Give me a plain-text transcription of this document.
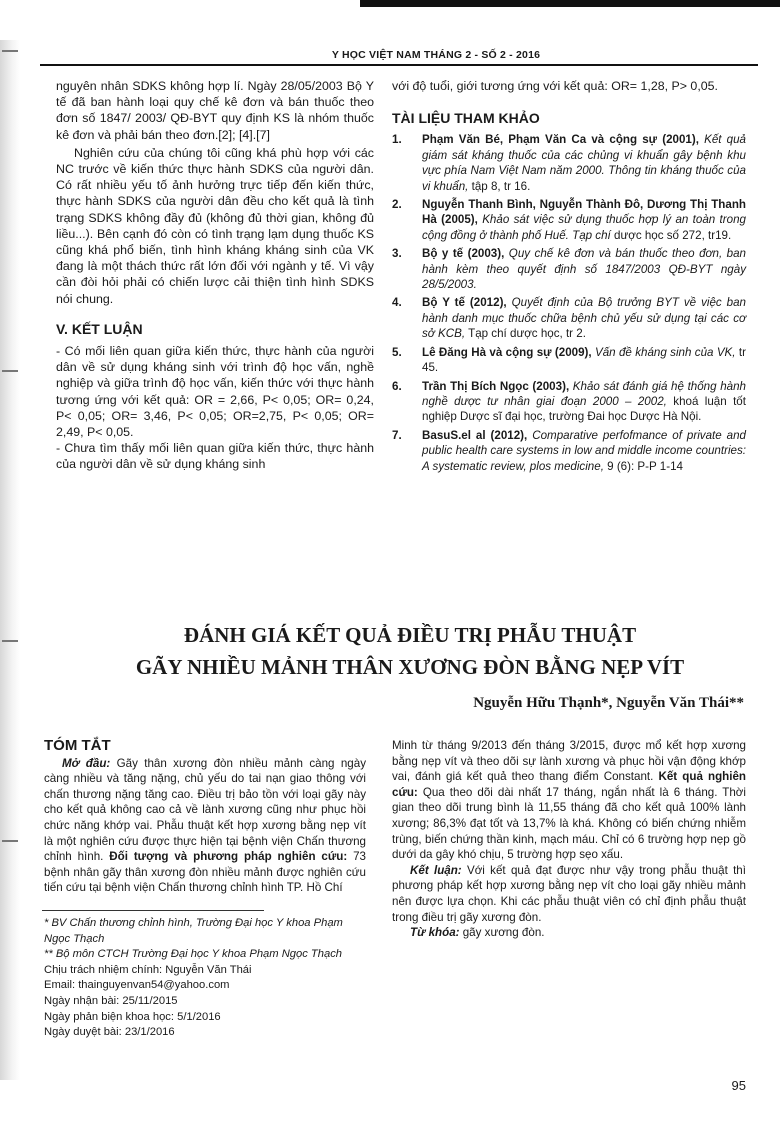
Y HỌC VIỆT NAM THÁNG 2 - SỐ 2 - 2016

nguyên nhân SDKS không hợp lí. Ngày 28/05/2003 Bộ Y tế đã ban hành loại quy chế kê đơn và bán thuốc theo đơn số 1847/ 2003/ QĐ-BYT quy định KS là nhóm thuốc kê đơn và phải bán theo đơn.[2]; [4].[7]

Nghiên cứu của chúng tôi cũng khá phù hợp với các NC trước về kiến thức thực hành SDKS của người dân. Có rất nhiều yếu tố ảnh hưởng trực tiếp đến kiến thức, thực hành SDKS của người dân đều cho kết quả là tình trạng SDKS không đầy đủ (không đủ thời gian, không đủ liều...). Bên cạnh đó còn có tình trạng lạm dụng thuốc KS cũng khá phổ biến, tình hình kháng kháng sinh của VK đang là một thách thức rất lớn đối với ngành y tế. Vì vậy cần đòi hỏi phải có chiến lược cải thiện tình hình SDKS nói chung.

V. KẾT LUẬN

- Có mối liên quan giữa kiến thức, thực hành của người dân về sử dụng kháng sinh với trình độ học vấn, nghề nghiệp và giữa trình độ học vấn, kiến thức với thực hành tương ứng với kết quả: OR = 2,66, P< 0,05; OR= 0,24, P< 0,05; OR= 3,46, P< 0,05; OR=2,75, P< 0,05; OR= 2,49, P< 0,05.

- Chưa tìm thấy mối liên quan giữa kiến thức, thực hành của người dân về sử dụng kháng sinh

với độ tuổi, giới tương ứng với kết quả: OR= 1,28, P> 0,05.

TÀI LIỆU THAM KHẢO
1. Phạm Văn Bé, Phạm Văn Ca và cộng sự (2001), Kết quả giám sát kháng thuốc của các chủng vi khuẩn gây bệnh khu vực phía Nam Việt Nam năm 2000. Thông tin kháng thuốc của vi khuẩn, tập 8, tr 16.
2. Nguyễn Thanh Bình, Nguyễn Thành Đô, Dương Thị Thanh Hà (2005), Khảo sát việc sử dụng thuốc hợp lý an toàn trong cộng đồng ở thành phố Huế. Tạp chí dược học số 272, tr19.
3. Bộ y tế (2003), Quy chế kê đơn và bán thuốc theo đơn, ban hành kèm theo quyết định số 1847/2003 QĐ-BYT ngày 28/5/2003.
4. Bộ Y tế (2012), Quyết định của Bộ trưởng BYT về việc ban hành danh mục thuốc chữa bệnh chủ yếu sử dụng tại các cơ sở KCB, Tạp chí dược học, tr 2.
5. Lê Đăng Hà và cộng sự (2009), Vấn đề kháng sinh của VK, tr 45.
6. Trần Thị Bích Ngọc (2003), Khảo sát đánh giá hệ thống hành nghề dược tư nhân giai đoạn 2000 – 2002, khoá luận tốt nghiệp Dược sĩ đại học, trường Đai học Dược Hà Nội.
7. BasuS.el al (2012), Comparative perfofmance of private and public health care systems in low and middle income countries: A systematic review, plos medicine, 9 (6): P-P 1-14
ĐÁNH GIÁ KẾT QUẢ ĐIỀU TRỊ PHẪU THUẬT
GÃY NHIỀU MẢNH THÂN XƯƠNG ĐÒN BẰNG NẸP VÍT
Nguyễn Hữu Thạnh*, Nguyễn Văn Thái**
TÓM TẮT

Mở đầu: Gãy thân xương đòn nhiều mảnh càng ngày càng nhiều và tăng nặng, chủ yếu do tai nạn giao thông với chấn thương nặng tăng cao. Điều trị bảo tồn với loại gãy này cho kết quả không cao cả về lành xương cũng như phục hồi chức năng khớp vai. Phẫu thuật kết hợp xương bằng nẹp vít là một nghiên cứu được thực hiện tại bệnh viện Chấn thương chỉnh hình. Đối tượng và phương pháp nghiên cứu: 73 bệnh nhân gãy thân xương đòn nhiều mảnh được nghiên cứu tiến cứu tại bệnh viện Chấn thương chỉnh hình TP. Hồ Chí

Minh từ tháng 9/2013 đến tháng 3/2015, được mổ kết hợp xương bằng nẹp vít và theo dõi sự lành xương và phục hồi vận động khớp vai, đánh giá kết quả theo thang điểm Constant. Kết quả nghiên cứu: Qua theo dõi dài nhất 17 tháng, ngắn nhất là 6 tháng. Thời gian theo dõi trung bình là 11,55 tháng đã cho kết quả 100% lành xương; 86,3% đạt tốt và 13,7% là khá. Không có biến chứng nhiễm trùng, biến chứng thần kinh, mạch máu. Chỉ có 6 trường hợp nẹp gồ dưới da gây khó chịu, 5 trường hợp sẹo xấu.

Kết luận: Với kết quả đạt được như vậy trong phẫu thuật thì phương pháp kết hợp xương bằng nẹp vít cho loại gãy nhiều mảnh nên được lựa chọn. Khi các phẫu thuật viên có chỉ định phẫu thuật trong điều trị gãy xương đòn.

Từ khóa: gãy xương đòn.

* BV Chấn thương chỉnh hình, Trường Đại học Y khoa Phạm Ngọc Thạch
** Bộ môn CTCH Trường Đại học Y khoa Phạm Ngọc Thạch
Chịu trách nhiệm chính: Nguyễn Văn Thái
Email: thainguyenvan54@yahoo.com
Ngày nhận bài: 25/11/2015
Ngày phản biện khoa học: 5/1/2016
Ngày duyệt bài: 23/1/2016
95
